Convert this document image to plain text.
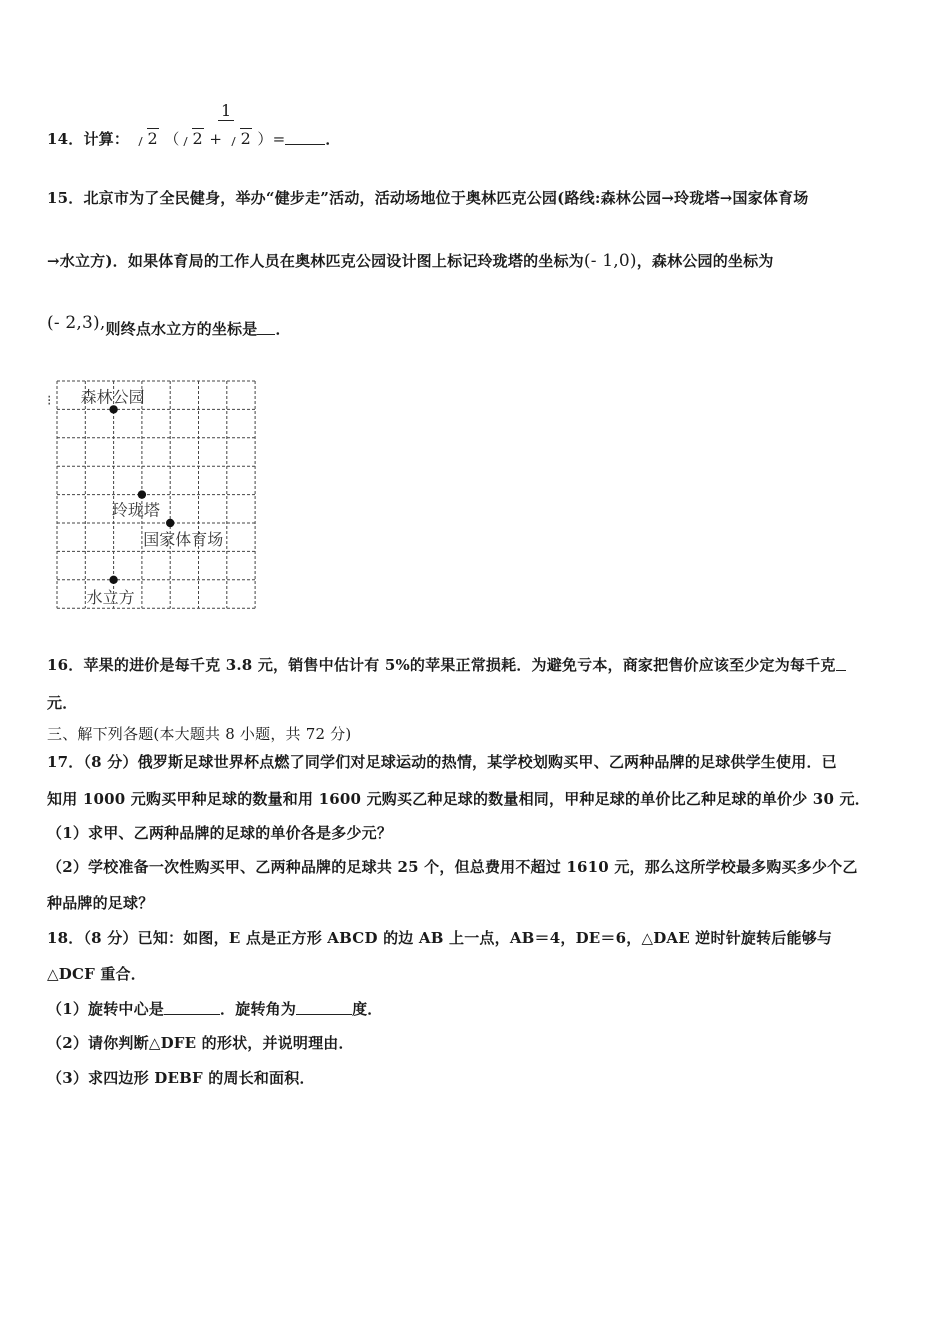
1
14．计算： 2 （ 2 + 2 ）=	．
15．北京市为了全民健身，举办“健步走”活动，活动场地位于奥林匹克公园(路线:森林公园→玲珑塔→国家体育场
→水立方)．如果体育局的工作人员在奥林匹克公园设计图上标记玲珑塔的坐标为(- 1,0)，森林公园的坐标为
(- 2,3),则终点水立方的坐标是 ．
⁝ 森林公园
玲珑塔
国家体育场
水立方
16．苹果的进价是每千克 3.8 元，销售中估计有 5%的苹果正常损耗．为避免亏本，商家把售价应该至少定为每千克
元．
三、解下列各题(本大题共 8 小题，共 72 分)
17．（8 分）俄罗斯足球世界杯点燃了同学们对足球运动的热情，某学校划购买甲、乙两种品牌的足球供学生使用．已
知用 1000 元购买甲种足球的数量和用 1600 元购买乙种足球的数量相同，甲种足球的单价比乙种足球的单价少 30 元．
（1）求甲、乙两种品牌的足球的单价各是多少元？
（2）学校准备一次性购买甲、乙两种品牌的足球共 25 个，但总费用不超过 1610 元，那么这所学校最多购买多少个乙
种品牌的足球？
18．（8 分）已知：如图，E 点是正方形 ABCD 的边 AB 上一点，AB＝4，DE＝6，△DAE 逆时针旋转后能够与
△DCF 重合．
（1）旋转中心是	．旋转角为	度．
（2）请你判断△DFE 的形状，并说明理由．
（3）求四边形 DEBF 的周长和面积．
